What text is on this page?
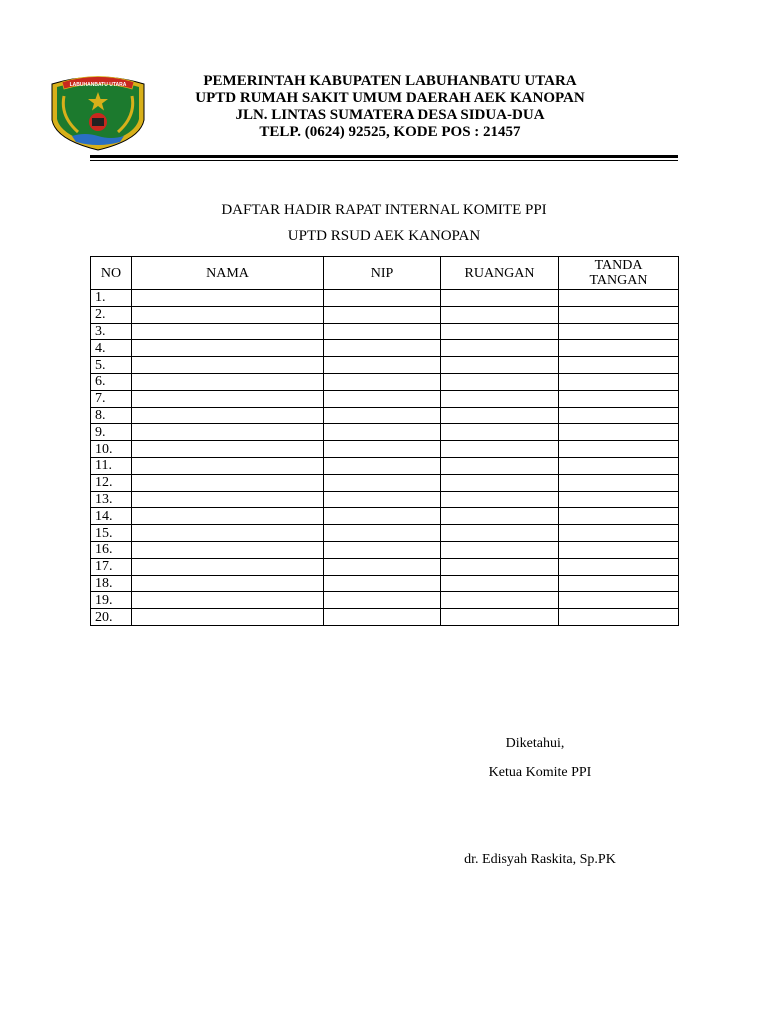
LABUHANBATU UTARA	PEMERINTAH KABUPATEN LABUHANBATU UTARA
UPTD RUMAH SAKIT UMUM DAERAH AEK KANOPAN
JLN. LINTAS SUMATERA DESA SIDUA-DUA
TELP. (0624) 92525, KODE POS : 21457
DAFTAR HADIR RAPAT INTERNAL KOMITE PPI
UPTD RSUD AEK KANOPAN
NO	NAMA	NIP	RUANGAN	TANDA
TANGAN
1.				
2.				
3.				
4.				
5.				
6.				
7.				
8.				
9.				
10.				
11.				
12.				
13.				
14.				
15.				
16.				
17.				
18.				
19.				
20.				
Diketahui,
Ketua Komite PPI
dr. Edisyah Raskita, Sp.PK
